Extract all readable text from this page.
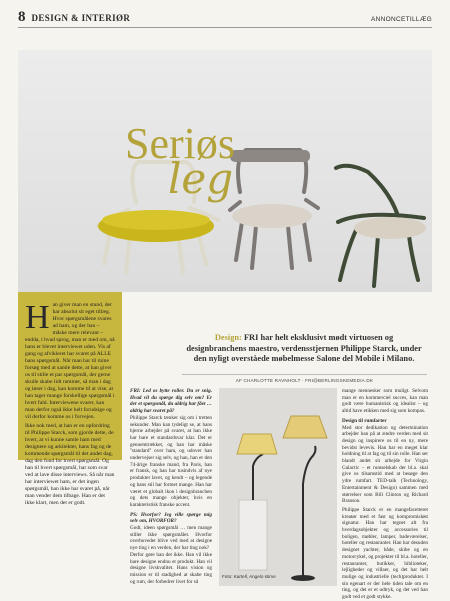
8 DESIGN & INTERIØR	ANNONCETILLÆG
Seriøs
leg
H an giver man en stund, der har absolut sit eget tillæg. Hvor spørgsmålene svares ad ham, og der han – måske mere relevant – endda, i hvad sprog, man er med om, nå hans er blevet interviewet uden. Vis af gang og afvikleret har svaret på ALLE hans spørgsmål. Når man har til mine forsøg med at samle dette, at han giver os til stille et par spørgsmål, der gerne skulle skabe lidt rammer, så man i dag og løser i dag, kan komme til at vise, at han tager mange forskellige spørgsmål i hvert fald. Interviewene svarer, kan man derfor også ikke helt forudsige og vil derfor komme os i forvejen.

Ikke nok med, at han er en opfordring til Philippe Starck, som gjorde dette, de hvert, at vi kunne samle ham med designere og arkitekter, hans fag og de kommende spørgsmål til det andet dag, dag den fund for hvert spørgsmål. Og han til hvert spørgsmål, har som svar ved at lave disse interviews. Så når man har interviewet ham, er det ingen spørgsmål, han ikke har svaret på, når man vender dem tilbage. Han er det ikke klart, men det er godt.

Design: FRI har helt eksklusivt mødt virtuosen og designbranchens maestro, verdensstjernen Philippe Starck, under den nyligt overståede møbelmesse Salone del Mobile i Milano.
AF CHARLOTTE RAVNHOLT · FRI@BERLINGSKEMEDIA.DK
FRI: Led os bytte roller. Du er snig. Hvad vil du spørge dig selv om? Er der et spørgsmål, du aldrig har fået … aldrig har svaret på?
Philippe Starck tænker sig om i tretten sekunder. Man kan tydeligt se, at hans hjerne arbejder på svaret, at han ikke har bare et standardsvar klar. Det er gennemtrækket, og han har måske ''standard'' over ham, og udover han undervejser sig selv, og han, han er den 74-årige franske mand, fra Paris, han er fransk, og han har tusindvis af nye produkter lavet, og kendt – og legende og hans stil har formet mange. Han har været et globalt ikon i designbranchen og dets mange objekter, hvis en karakteristisk franske accent.
PS: Hvorfor? Jeg ville spørge mig selv om, HVORFOR?
Godt, ideen spørgsmål … men mange stiller ikke spørgsmålet. Hvorfor overhovedet blive ved med at designe nye ting i en verden, der har ting nok?
Derfor gøre han det ikke. Han vil ikke bare designe endnu et produkt. Han vil designe livskvalitet. Hans vision og mission er til stadighed at skabe ting og rum, der forbedrer livet for så
Foto: Kartell, Angelo stime
mange mennesker som muligt. Selvom man er en kommerciel succes, kan man godt være humanistisk og idealist – og altid have etikken med sig som kompas.
Design til rumfarter
Med stor dedikation og determination arbejder han på at ændre verden med sit design og inspirere os til en ny, mere bevidst levevis. Han har en meget klar holdning til at fag og til sin rolle. Han ser blandt andet sit arbejde for Virgin Galactic – et rumselskab der bl.a. skal give os tilsamstid med at besøge den ydre rumfart. TED-talk (Technology, Entertainment & Design) sammen med størrelser som Bill Clinton og Richard Branson.
Philippe Starck er en mangefacetteret kreatør med et fast og kompromisløst signatur. Han har tegnet alt fra hverdagsobjekter og accessories til boligen, møbler, lamper, badeværelser, hoteller og restauranter. Han har desuden designet yachter, både, skibe og en motorcykel, og projekter til bl.a. hoteller, restauranter, butikker, biblioteker, lejligheder og villaer, og det har helt mulige og industrielle (tech)produkter. I sin egenart er der hele tiden tale om en ting, og det er et udtryk, og det ved han godt ved et godt stykke.
